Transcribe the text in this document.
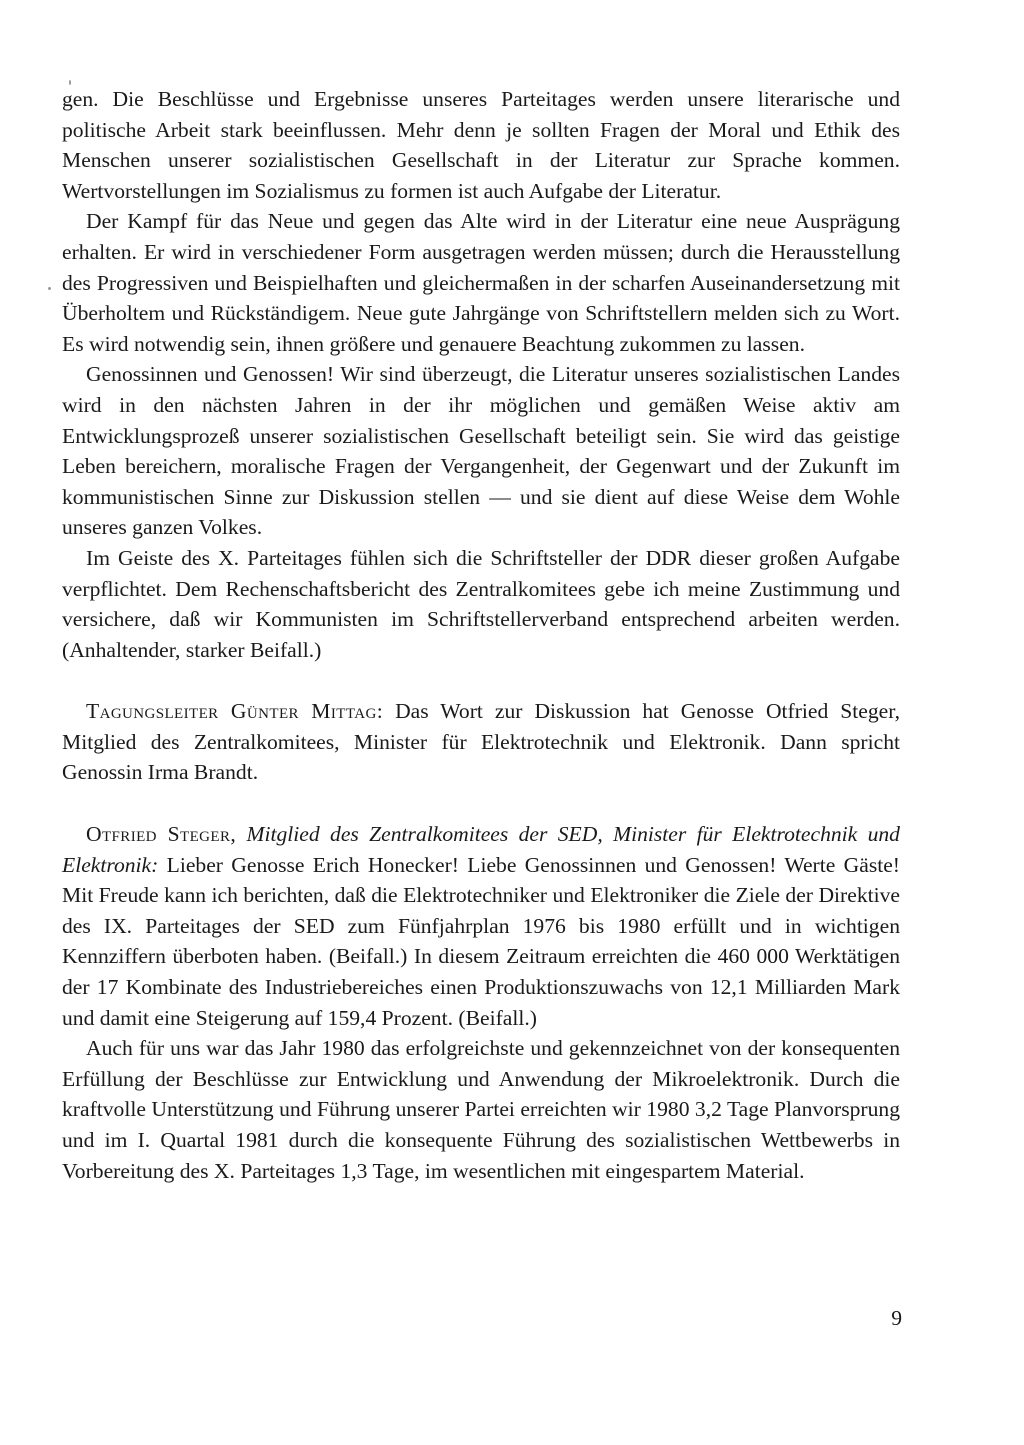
gen. Die Beschlüsse und Ergebnisse unseres Parteitages werden unsere literarische und politische Arbeit stark beeinflussen. Mehr denn je sollten Fragen der Moral und Ethik des Menschen unserer sozialistischen Gesellschaft in der Literatur zur Sprache kommen. Wertvorstellungen im Sozialismus zu formen ist auch Aufgabe der Literatur.

Der Kampf für das Neue und gegen das Alte wird in der Literatur eine neue Ausprägung erhalten. Er wird in verschiedener Form ausgetragen werden müssen; durch die Herausstellung des Progressiven und Beispielhaften und gleichermaßen in der scharfen Auseinandersetzung mit Überholtem und Rückständigem. Neue gute Jahrgänge von Schriftstellern melden sich zu Wort. Es wird notwendig sein, ihnen größere und genauere Beachtung zukommen zu lassen.

Genossinnen und Genossen! Wir sind überzeugt, die Literatur unseres sozialistischen Landes wird in den nächsten Jahren in der ihr möglichen und gemäßen Weise aktiv am Entwicklungsprozeß unserer sozialistischen Gesellschaft beteiligt sein. Sie wird das geistige Leben bereichern, moralische Fragen der Vergangenheit, der Gegenwart und der Zukunft im kommunistischen Sinne zur Diskussion stellen — und sie dient auf diese Weise dem Wohle unseres ganzen Volkes.

Im Geiste des X. Parteitages fühlen sich die Schriftsteller der DDR dieser großen Aufgabe verpflichtet. Dem Rechenschaftsbericht des Zentralkomitees gebe ich meine Zustimmung und versichere, daß wir Kommunisten im Schriftstellerverband entsprechend arbeiten werden. (Anhaltender, starker Beifall.)

Tagungsleiter Günter Mittag: Das Wort zur Diskussion hat Genosse Otfried Steger, Mitglied des Zentralkomitees, Minister für Elektrotechnik und Elektronik. Dann spricht Genossin Irma Brandt.

Otfried Steger, Mitglied des Zentralkomitees der SED, Minister für Elektrotechnik und Elektronik: Lieber Genosse Erich Honecker! Liebe Genossinnen und Genossen! Werte Gäste! Mit Freude kann ich berichten, daß die Elektrotechniker und Elektroniker die Ziele der Direktive des IX. Parteitages der SED zum Fünfjahrplan 1976 bis 1980 erfüllt und in wichtigen Kennziffern überboten haben. (Beifall.) In diesem Zeitraum erreichten die 460 000 Werktätigen der 17 Kombinate des Industriebereiches einen Produktionszuwachs von 12,1 Milliarden Mark und damit eine Steigerung auf 159,4 Prozent. (Beifall.)

Auch für uns war das Jahr 1980 das erfolgreichste und gekennzeichnet von der konsequenten Erfüllung der Beschlüsse zur Entwicklung und Anwendung der Mikroelektronik. Durch die kraftvolle Unterstützung und Führung unserer Partei erreichten wir 1980 3,2 Tage Planvorsprung und im I. Quartal 1981 durch die konsequente Führung des sozialistischen Wettbewerbs in Vorbereitung des X. Parteitages 1,3 Tage, im wesentlichen mit eingespartem Material.

9
